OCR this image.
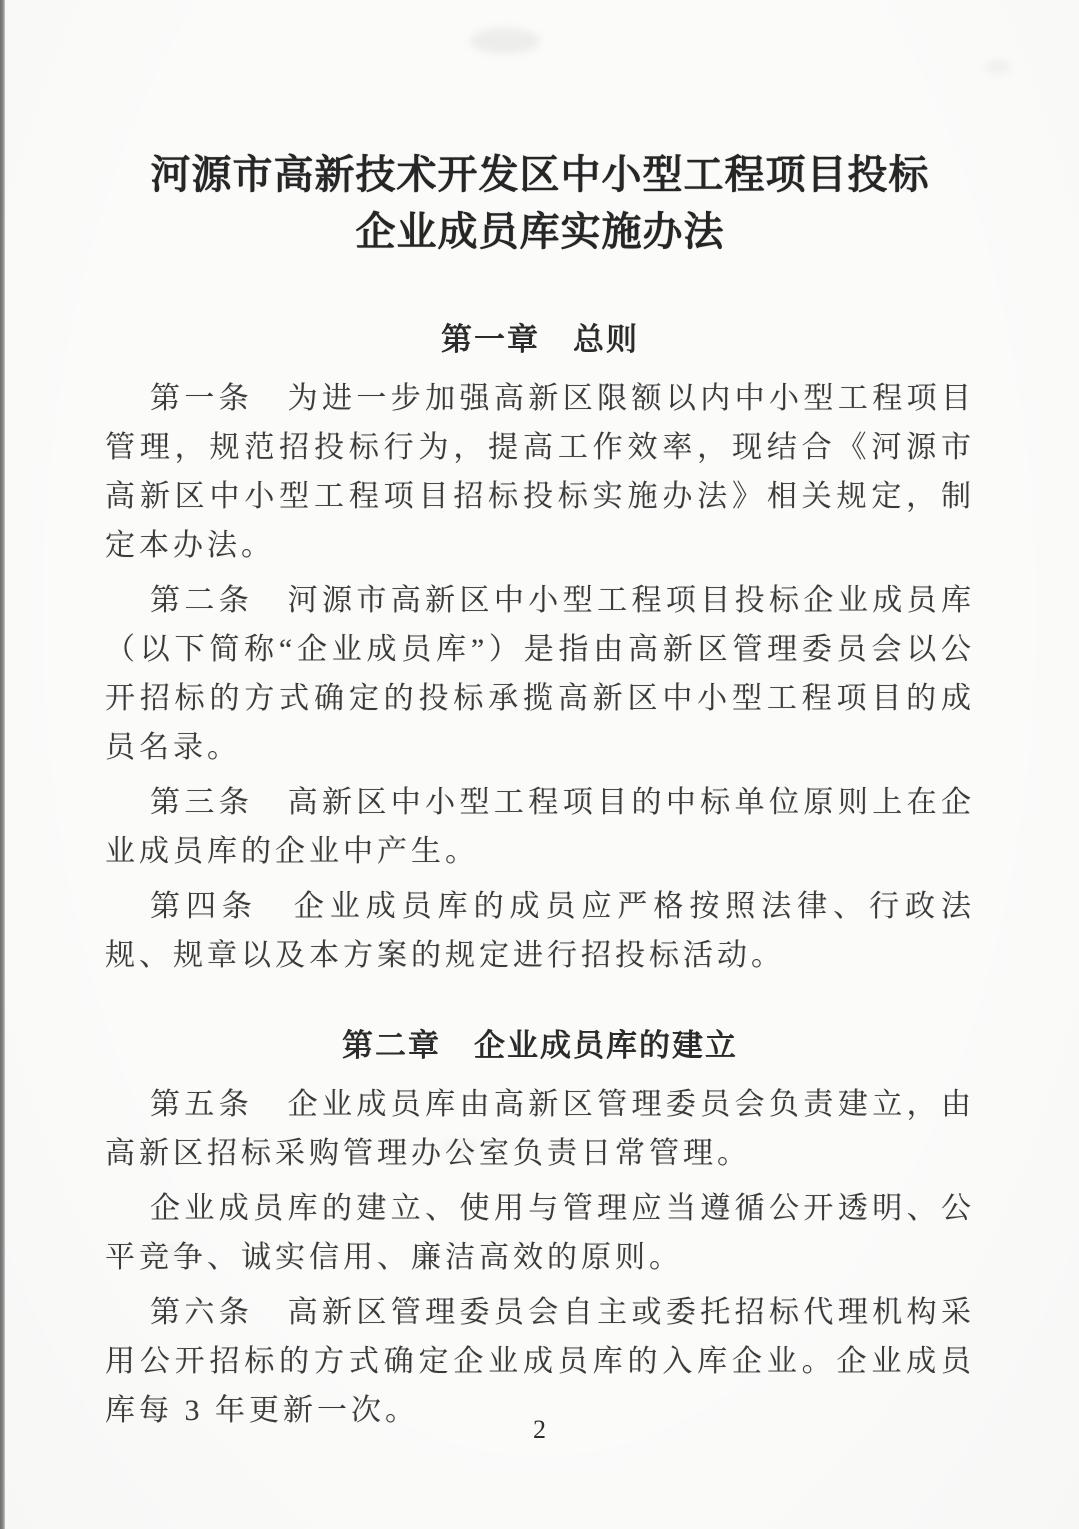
河源市高新技术开发区中小型工程项目投标
企业成员库实施办法
第一章　总则

第一条　为进一步加强高新区限额以内中小型工程项目管理，规范招投标行为，提高工作效率，现结合《河源市高新区中小型工程项目招标投标实施办法》相关规定，制定本办法。

第二条　河源市高新区中小型工程项目投标企业成员库（以下简称“企业成员库”）是指由高新区管理委员会以公开招标的方式确定的投标承揽高新区中小型工程项目的成员名录。

第三条　高新区中小型工程项目的中标单位原则上在企业成员库的企业中产生。

第四条　企业成员库的成员应严格按照法律、行政法规、规章以及本方案的规定进行招投标活动。

第二章　企业成员库的建立

第五条　企业成员库由高新区管理委员会负责建立，由高新区招标采购管理办公室负责日常管理。

企业成员库的建立、使用与管理应当遵循公开透明、公平竞争、诚实信用、廉洁高效的原则。

第六条　高新区管理委员会自主或委托招标代理机构采用公开招标的方式确定企业成员库的入库企业。企业成员库每 3 年更新一次。

2
